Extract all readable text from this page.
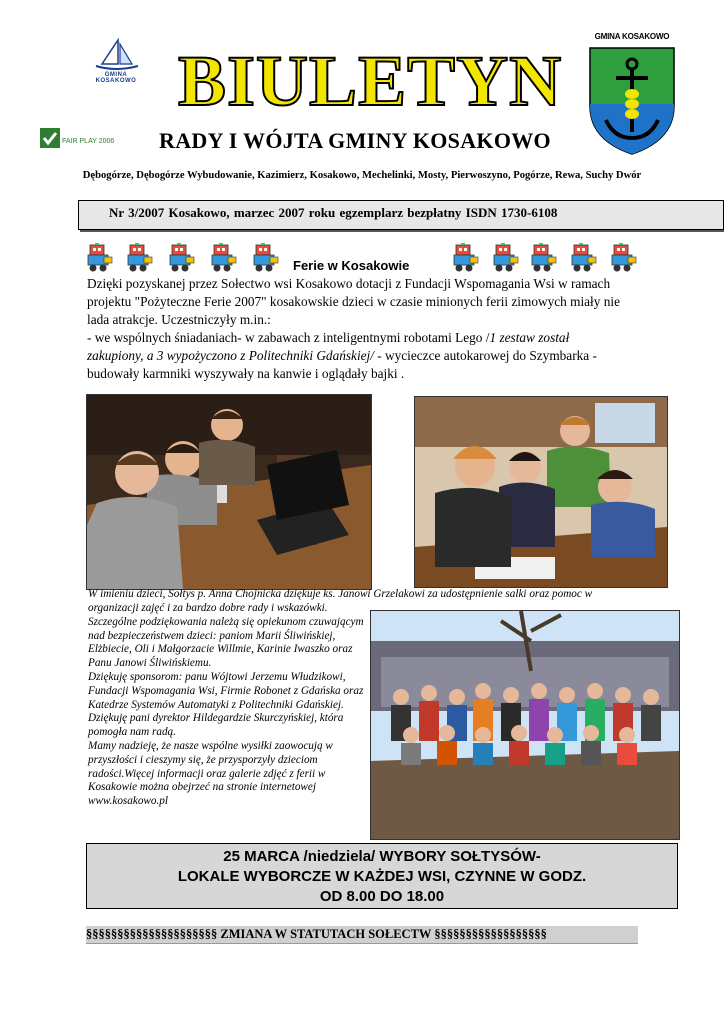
GMINA KOSAKOWO
FAIR PLAY 2006
BIULETYN
RADY I WÓJTA GMINY KOSAKOWO
GMINA KOSAKOWO
Dębogórze, Dębogórze Wybudowanie, Kazimierz, Kosakowo, Mechelinki, Mosty, Pierwoszyno, Pogórze, Rewa, Suchy Dwór
Nr 3/2007 Kosakowo, marzec 2007 roku egzemplarz bezpłatny ISDN 1730-6108
Ferie w Kosakowie

Dzięki pozyskanej przez Sołectwo wsi Kosakowo dotacji z Fundacji Wspomagania Wsi w ramach projektu "Pożyteczne Ferie 2007" kosakowskie dzieci w czasie minionych ferii zimowych miały nie lada atrakcje. Uczestniczyły m.in.:

- we wspólnych śniadaniach- w zabawach z inteligentnymi robotami Lego /1 zestaw został zakupiony, a 3 wypożyczono z Politechniki Gdańskiej/ - wycieczce autokarowej do Szymbarka - budowały karmniki wyszywały na kanwie i oglądały bajki .

W imieniu dzieci, Sołtys p. Anna Chojnicka dziękuje ks. Janowi Grzelakowi za udostępnienie salki oraz pomoc w

organizacji zajęć i za bardzo dobre rady i wskazówki.

Szczególne podziękowania należą się opiekunom czuwającym nad bezpieczeństwem dzieci: paniom Marii Śliwińskiej, Elżbiecie, Oli i Małgorzacie Willmie, Karinie Iwaszko oraz Panu Janowi Śliwińskiemu.

Dziękuję sponsorom: panu Wójtowi Jerzemu Włudzikowi, Fundacji Wspomagania Wsi, Firmie Robonet z Gdańska oraz Katedrze Systemów Automatyki z Politechniki Gdańskiej. Dziękuję pani dyrektor Hildegardzie Skurczyńskiej, która pomogła nam radą.

Mamy nadzieję, że nasze wspólne wysiłki zaowocują w przyszłości i cieszymy się, że przysporzyły dzieciom radości.Więcej informacji oraz galerie zdjęć z ferii w Kosakowie można obejrzeć na stronie internetowej www.kosakowo.pl

25 MARCA /niedziela/ WYBORY SOŁTYSÓW-
LOKALE WYBORCZE W KAŻDEJ WSI, CZYNNE W GODZ.
OD 8.00 DO 18.00
§§§§§§§§§§§§§§§§§§§§§ ZMIANA W STATUTACH SOŁECTW §§§§§§§§§§§§§§§§§§
